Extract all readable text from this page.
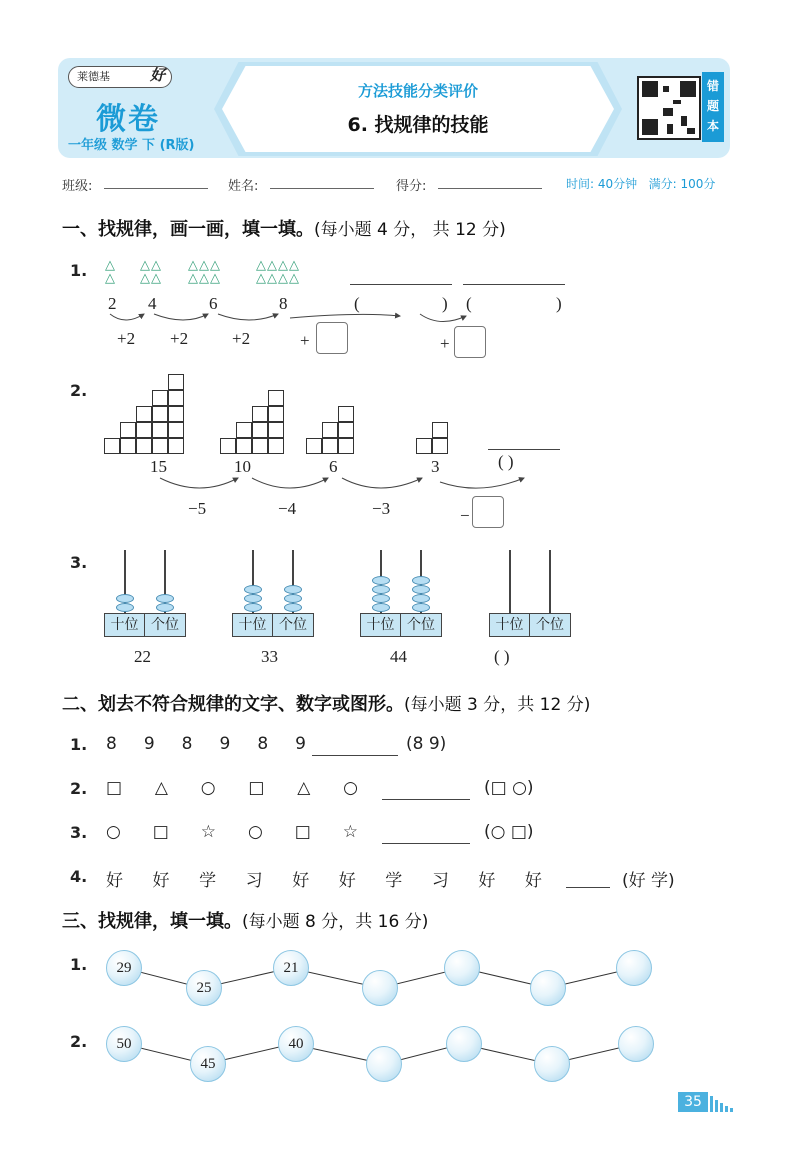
莱德基	好
微卷
一年级 数学 下 (R版)
方法技能分类评价
6. 找规律的技能
错
题
本
班级:	姓名:	得分:	时间: 40分钟 满分: 100分
一、找规律，画一画，填一填。(每小题 4 分， 共 12 分)
1. △
△
△△
△△
△△△
△△△
△△△△
△△△△
2 4	6	8	(	) (	)
+2 +2	+2	+	+
2.
15	10	6	3	( )
−5	−4	−3	−
3.
十位 个位	十位 个位	十位 个位	十位 个位
22	33	44	( )
二、划去不符合规律的文字、数字或图形。(每小题 3 分，共 12 分)
1. 8 9 8 9 8 9	(8 9)
2. □ △ ○ □ △ ○	(□ ○)
3. ○ □ ☆ ○ □ ☆	(○ □)
4. 好 好 学 习 好 好 学 习 好 好	(好 学)
三、找规律，填一填。(每小题 8 分，共 16 分)
1.	29
25
21
2.	50
45
40
35
